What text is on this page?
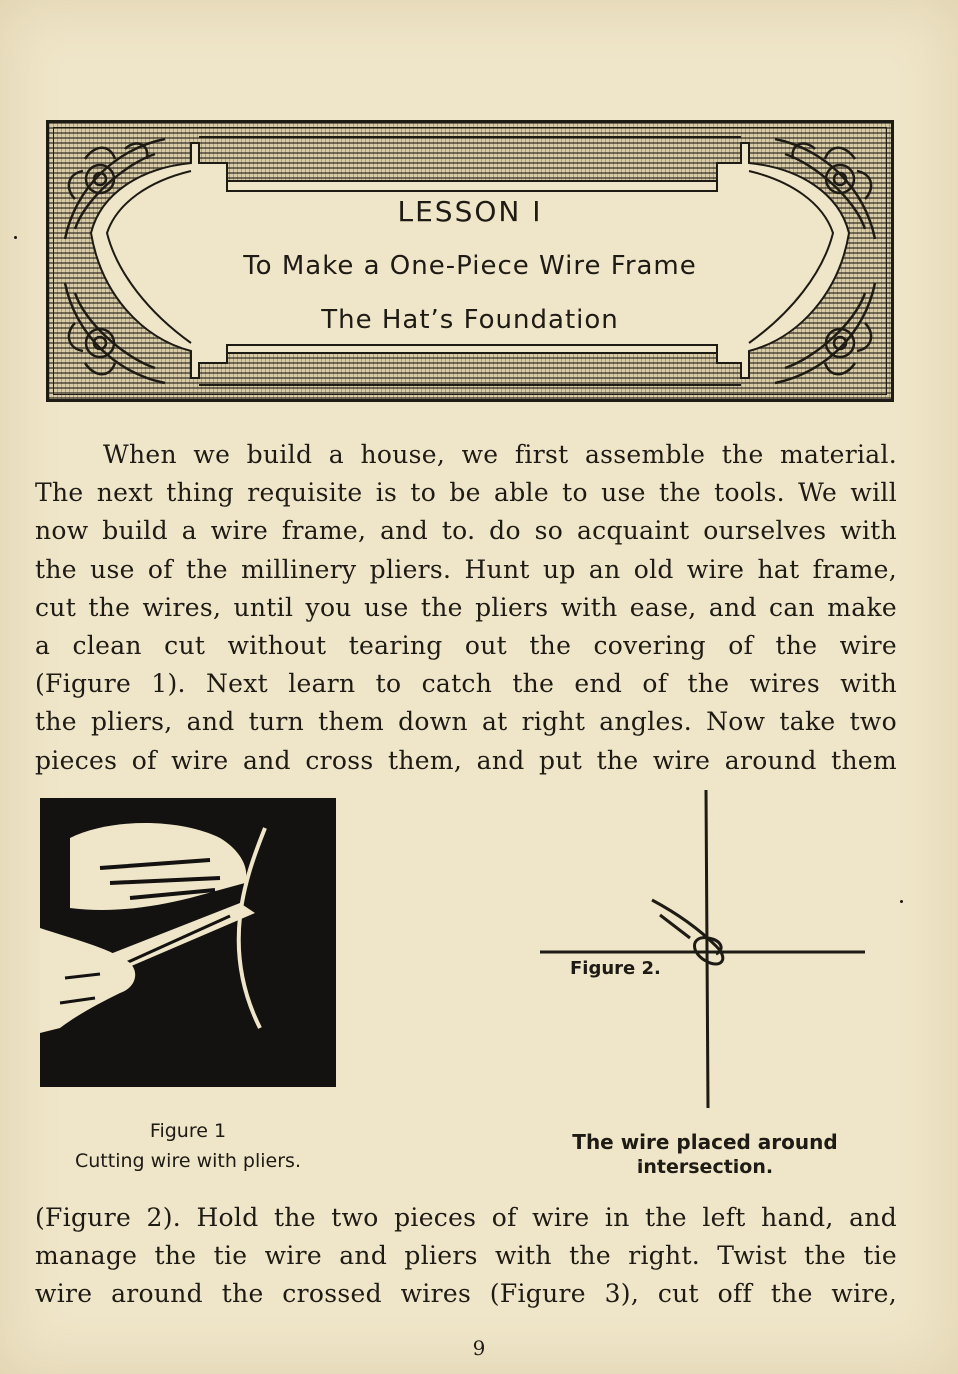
LESSON I
To Make a One-Piece Wire Frame
The Hat’s Foundation
When we build a house, we first assemble the material.
The next thing requisite is to be able to use the tools. We will
now build a wire frame, and to. do so acquaint ourselves with
the use of the millinery pliers. Hunt up an old wire hat frame,
cut the wires, until you use the pliers with ease, and can make
a clean cut without tearing out the covering of the wire
(Figure 1). Next learn to catch the end of the wires with
the pliers, and turn them down at right angles. Now take two
pieces of wire and cross them, and put the wire around them
Figure 1
Cutting wire with pliers.
Figure 2.
The wire placed around
intersection.
(Figure 2). Hold the two pieces of wire in the left hand, and
manage the tie wire and pliers with the right. Twist the tie
wire around the crossed wires (Figure 3), cut off the wire,
9
